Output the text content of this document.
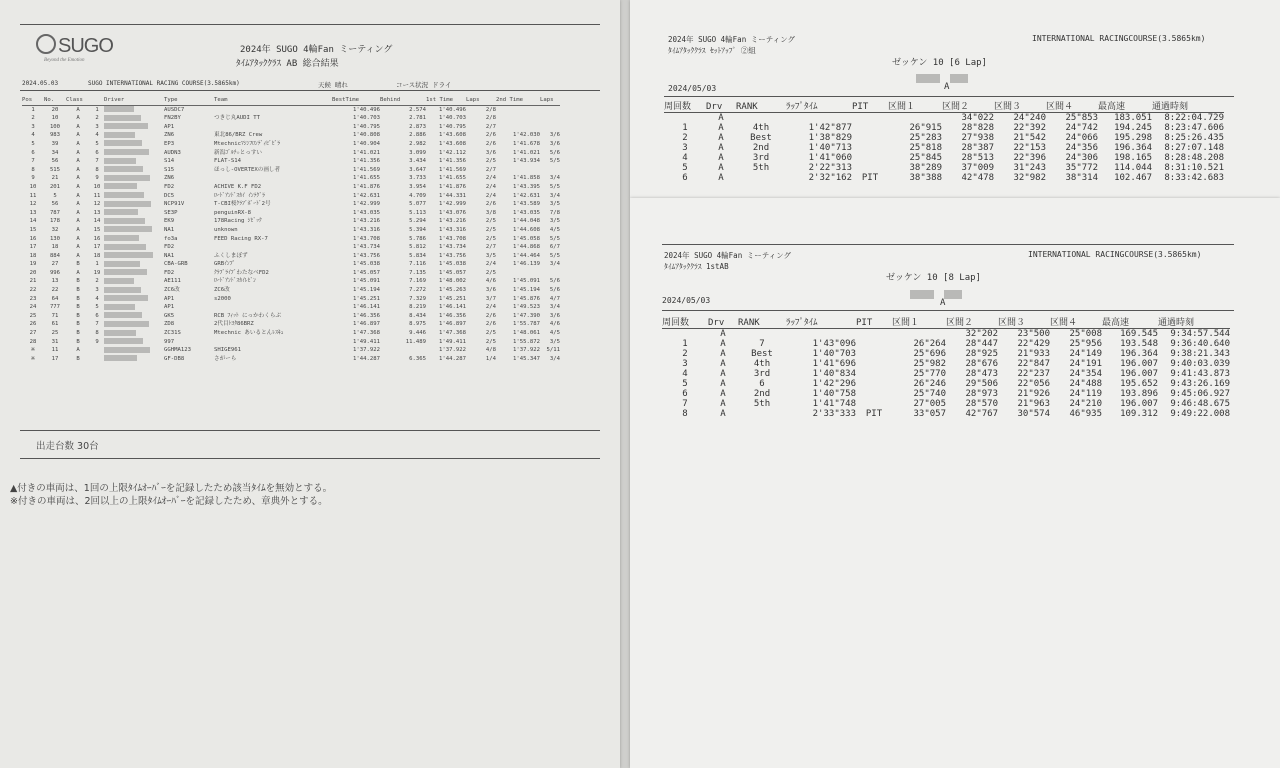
SUGO
Beyond the Emotion
2024年 SUGO 4輪Fan ミーティング
ﾀｲﾑｱﾀｯｸｸﾗｽ AB 総合結果
2024.05.03	SUGO INTERNATIONAL RACING COURSE(3.5865km)	天候 晴れ	コース状況 ドライ
Pos	No.	Class		Driver	Type	Team	BestTime	Behind	1st Time	Laps	2nd Time	Laps
1	20	A	1		AUSDC7		1'40.496	2.574	1'40.496	2/8		
2	10	A	2		FN2BY	つきじ丸AUDI TT	1'40.703	2.781	1'40.703	2/8		
3	100	A	3		AP1		1'40.795	2.873	1'40.795	2/7		
4	983	A	4		ZN6	東北86/BRZ Crew	1'40.808	2.886	1'43.608	2/6	1'42.030	3/6
5	39	A	5		EP3	Mtechnicﾏｼﾝﾌﾛﾝﾃﾞｨﾋﾞﾋﾞﾗ	1'40.904	2.982	1'43.608	2/6	1'41.678	3/6
6	34	A	6		AUDN3	新潟ｺﾞﾙﾁ☆とっすい	1'41.021	3.099	1'42.112	3/6	1'41.021	5/6
7	56	A	7		S14	FLAT-S14	1'41.356	3.434	1'41.356	2/5	1'43.934	5/5
8	515	A	8		S15	ほっし-OVERTEXの画し者	1'41.569	3.647	1'41.569	2/7		
9	21	A	9		ZN6		1'41.655	3.733	1'41.655	2/4	1'41.858	3/4
10	201	A	10		FD2	ACHIVE K.F FD2	1'41.876	3.954	1'41.876	2/4	1'43.395	5/5
11	5	A	11		DC5	ﾛｰﾄﾞｱﾝﾄﾞｽｶｲ ｲﾝﾃｸﾞﾗ	1'42.631	4.709	1'44.331	2/4	1'42.631	3/4
12	56	A	12		NCP91V	T-CBI桜ｸﾗﾌﾞﾎﾞｰﾄﾞ2号	1'42.999	5.077	1'42.999	2/6	1'43.589	3/5
13	787	A	13		SE3P	penguinRX-8	1'43.035	5.113	1'43.076	3/8	1'43.035	7/8
14	178	A	14		EK9	178Racing ｼﾋﾞｯｸ	1'43.216	5.294	1'43.216	2/5	1'44.048	3/5
15	32	A	15		NA1	unknown	1'43.316	5.394	1'43.316	2/5	1'44.608	4/5
16	130	A	16		fo3a	FEED Racing RX-7	1'43.708	5.786	1'43.708	2/5	1'45.058	5/5
17	18	A	17		FD2		1'43.734	5.812	1'43.734	2/7	1'44.868	6/7
18	884	A	18		NA1	ふくしまぼず	1'43.756	5.834	1'43.756	3/5	1'44.464	5/5
19	27	B	1		CBA-GRB	GRBｲﾝﾌﾟ	1'45.038	7.116	1'45.038	2/4	1'46.139	3/4
20	996	A	19		FD2	ｸﾗﾌﾞﾗｲﾌﾞわたなべFD2	1'45.057	7.135	1'45.057	2/5		
21	13	B	2		AE111	ﾛｰﾄﾞｱﾝﾄﾞｽｶｲﾚﾋﾞﾝ	1'45.091	7.169	1'48.002	4/6	1'45.091	5/6
22	22	B	3		ZC6改	ZC6改	1'45.194	7.272	1'45.263	3/6	1'45.194	5/6
23	64	B	4		AP1	s2000	1'45.251	7.329	1'45.251	3/7	1'45.876	4/7
24	777	B	5		AP1		1'46.141	8.219	1'46.141	2/4	1'49.523	3/4
25	71	B	6		GK5	RCB ﾌｨｯﾄ にっかわくらぶ	1'46.356	8.434	1'46.356	2/6	1'47.390	3/6
26	61	B	7		ZD8	2代目ﾄﾖﾀ86BRZ	1'46.897	8.975	1'46.897	2/6	1'55.787	4/6
27	25	B	8		ZC31S	Mtechnic あいるとんﾚｽｷｭ	1'47.368	9.446	1'47.368	2/5	1'48.061	4/5
28	31	B	9		997		1'49.411	11.489	1'49.411	2/5	1'55.872	3/5
※	11	A			GGHMA123	SHIGE961	1'37.922		1'37.922	4/8	1'37.922	5/11
※	17	B			GF-DB8	さがーら	1'44.287	6.365	1'44.287	1/4	1'45.347	3/4
出走台数 30台
▲付きの車両は、1回の上限ﾀｲﾑｵｰﾊﾞｰを記録したため該当ﾀｲﾑを無効とする。
※付きの車両は、2回以上の上限ﾀｲﾑｵｰﾊﾞｰを記録したため、章典外とする。
2024年 SUGO 4輪Fan ミーティング
ﾀｲﾑｱﾀｯｸｸﾗｽ ｾｯﾄｱｯﾌﾟ ②組
INTERNATIONAL RACINGCOURSE(3.5865km)
ゼッケン 10 [6 Lap]

A
2024/05/03
周回数	Drv	RANK	ﾗｯﾌﾟﾀｲﾑ	PIT	区間１	区間２	区間３	区間４	最高速	通過時刻
	A					34"022	24"240	25"853	183.051	8:22:04.729
1	A	4th	1'42"877		26"915	28"828	22"392	24"742	194.245	8:23:47.606
2	A	Best	1'38"829		25"283	27"938	21"542	24"066	195.298	8:25:26.435
3	A	2nd	1'40"713		25"818	28"387	22"153	24"356	196.364	8:27:07.148
4	A	3rd	1'41"060		25"845	28"513	22"396	24"306	198.165	8:28:48.208
5	A	5th	2'22"313		38"289	37"009	31"243	35"772	114.044	8:31:10.521
6	A		2'32"162	PIT	38"388	42"478	32"982	38"314	102.467	8:33:42.683
2024年 SUGO 4輪Fan ミーティング
ﾀｲﾑｱﾀｯｸｸﾗｽ 1stAB
INTERNATIONAL RACINGCOURSE(3.5865km)
ゼッケン 10 [8 Lap]

A
2024/05/03
周回数	Drv	RANK	ﾗｯﾌﾟﾀｲﾑ	PIT	区間１	区間２	区間３	区間４	最高速	通過時刻
	A					32"202	23"500	25"008	169.545	9:34:57.544
1	A	7	1'43"096		26"264	28"447	22"429	25"956	193.548	9:36:40.640
2	A	Best	1'40"703		25"696	28"925	21"933	24"149	196.364	9:38:21.343
3	A	4th	1'41"696		25"982	28"676	22"847	24"191	196.007	9:40:03.039
4	A	3rd	1'40"834		25"770	28"473	22"237	24"354	196.007	9:41:43.873
5	A	6	1'42"296		26"246	29"506	22"056	24"488	195.652	9:43:26.169
6	A	2nd	1'40"758		25"740	28"973	21"926	24"119	193.896	9:45:06.927
7	A	5th	1'41"748		27"005	28"570	21"963	24"210	196.007	9:46:48.675
8	A		2'33"333	PIT	33"057	42"767	30"574	46"935	109.312	9:49:22.008
